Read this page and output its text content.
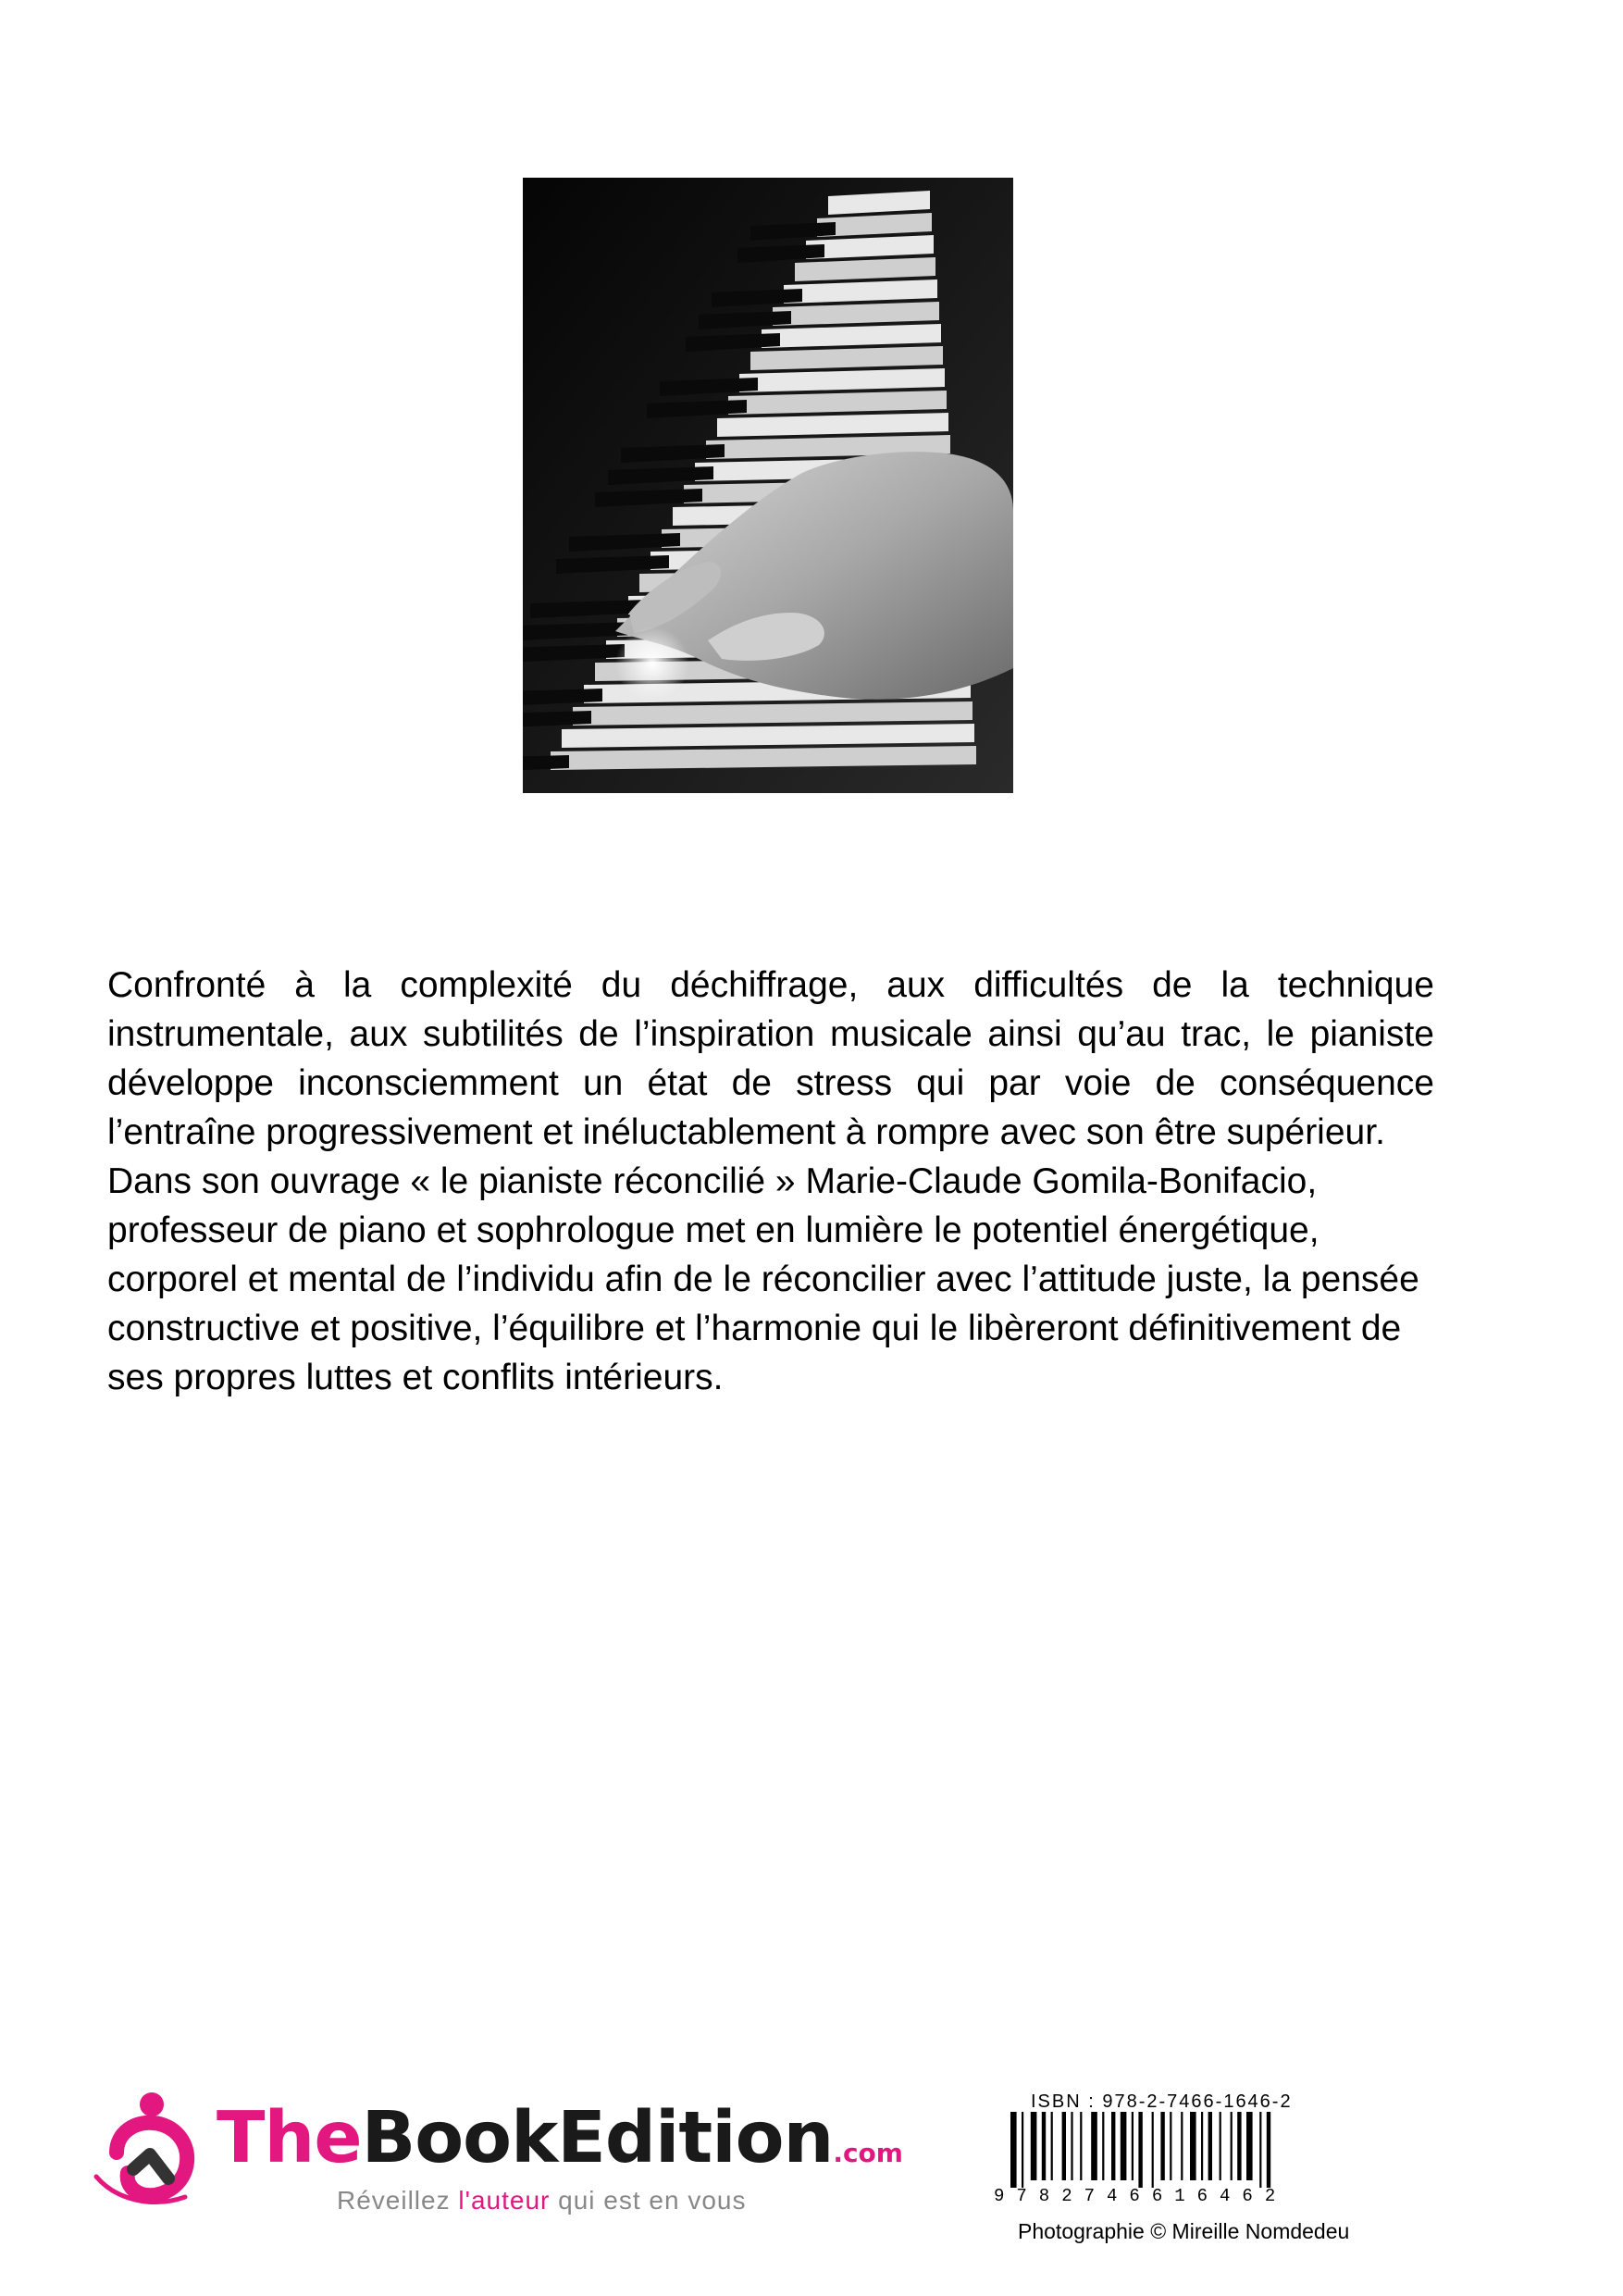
Confronté à la complexité du déchiffrage, aux difficultés de la technique instrumentale, aux subtilités de l’inspiration musicale ainsi qu’au trac, le pianiste développe inconsciemment un état de stress qui par voie de conséquence l’entraîne progressivement et inéluctablement à rompre avec son être supérieur.

Dans son ouvrage « le pianiste réconcilié » Marie-Claude Gomila-Bonifacio, professeur de piano et sophrologue met en lumière le potentiel énergétique, corporel et mental de l’individu afin de le réconcilier avec l’attitude juste, la pensée constructive et positive, l’équilibre et l’harmonie qui le libèreront définitivement de ses propres luttes et conflits intérieurs.

TheBookEdition.com
Réveillez l'auteur qui est en vous
ISBN : 978-2-7466-1646-2
9782746616462
Photographie © Mireille Nomdedeu
